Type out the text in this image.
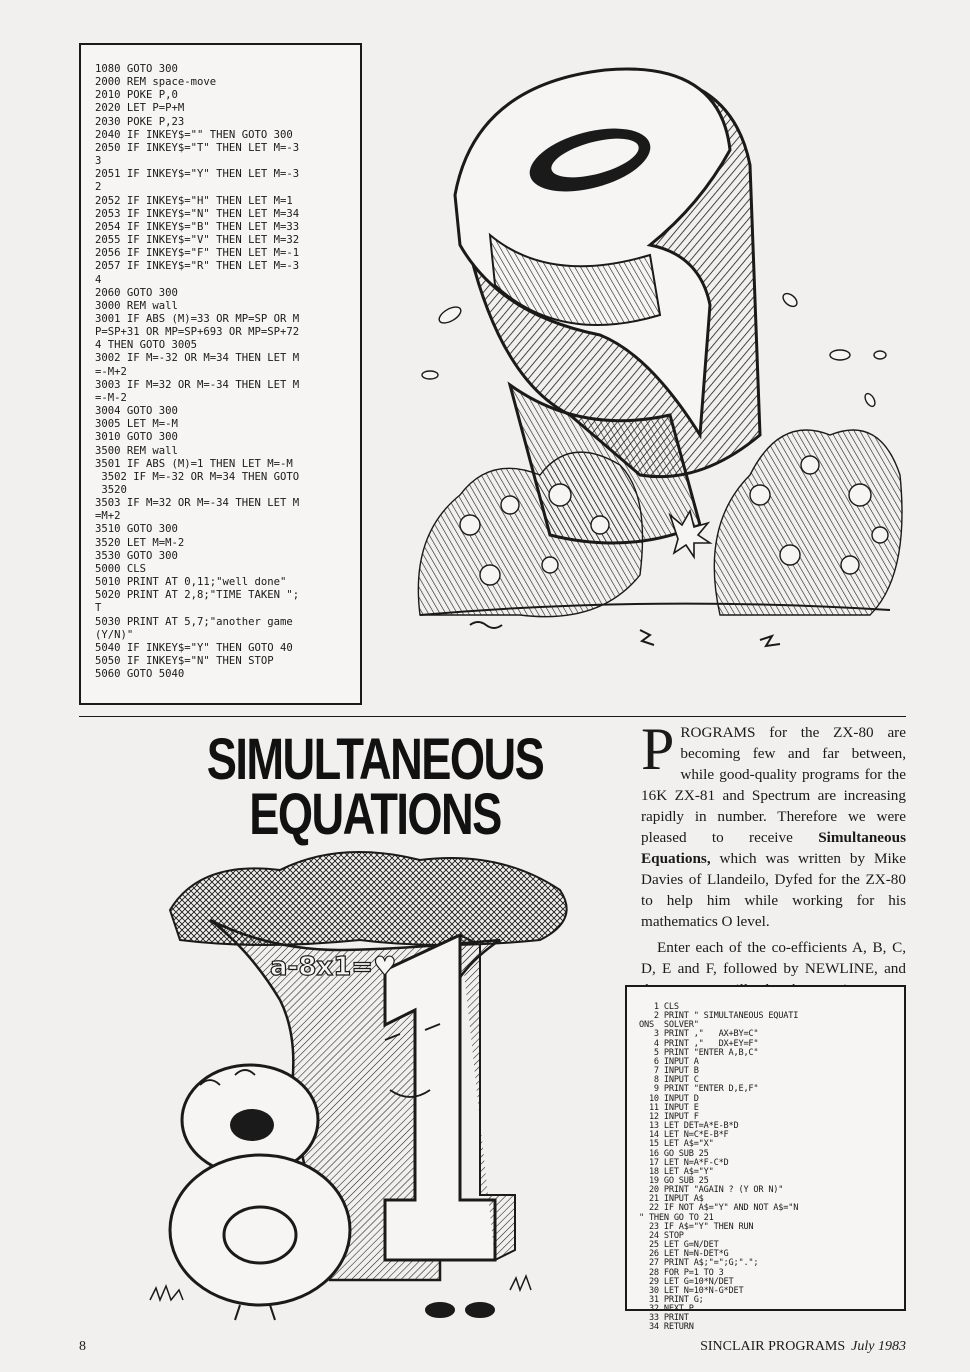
1080 GOTO 300
2000 REM space-move
2010 POKE P,0
2020 LET P=P+M
2030 POKE P,23
2040 IF INKEY$="" THEN GOTO 300
2050 IF INKEY$="T" THEN LET M=-3
3
2051 IF INKEY$="Y" THEN LET M=-3
2
2052 IF INKEY$="H" THEN LET M=1
2053 IF INKEY$="N" THEN LET M=34
2054 IF INKEY$="B" THEN LET M=33
2055 IF INKEY$="V" THEN LET M=32
2056 IF INKEY$="F" THEN LET M=-1
2057 IF INKEY$="R" THEN LET M=-3
4
2060 GOTO 300
3000 REM wall
3001 IF ABS (M)=33 OR MP=SP OR M
P=SP+31 OR MP=SP+693 OR MP=SP+72
4 THEN GOTO 3005
3002 IF M=-32 OR M=34 THEN LET M
=-M+2
3003 IF M=32 OR M=-34 THEN LET M
=-M-2
3004 GOTO 300
3005 LET M=-M
3010 GOTO 300
3500 REM wall
3501 IF ABS (M)=1 THEN LET M=-M
3502 IF M=-32 OR M=34 THEN GOTO
3520
3503 IF M=32 OR M=-34 THEN LET M
=M+2
3510 GOTO 300
3520 LET M=M-2
3530 GOTO 300
5000 CLS
5010 PRINT AT 0,11;"well done"
5020 PRINT AT 2,8;"TIME TAKEN ";
T
5030 PRINT AT 5,7;"another game
(Y/N)"
5040 IF INKEY$="Y" THEN GOTO 40
5050 IF INKEY$="N" THEN STOP
5060 GOTO 5040
SIMULTANEOUS
EQUATIONS
a-8x1=♥

PROGRAMS for the ZX-80 are becoming few and far between, while good-quality programs for the 16K ZX-81 and Spectrum are increasing rapidly in number. Therefore we were pleased to receive Simultaneous Equations, which was written by Mike Davies of Llandeilo, Dyfed for the ZX-80 to help him while working for his mathematics O level.

Enter each of the co-efficients A, B, C, D, E and F, followed by NEWLINE, and

1 CLS
2 PRINT " SIMULTANEOUS EQUATI
ONS  SOLVER"
3 PRINT ,"   AX+BY=C"
4 PRINT ,"   DX+EY=F"
5 PRINT "ENTER A,B,C"
6 INPUT A
7 INPUT B
8 INPUT C
9 PRINT "ENTER D,E,F"
10 INPUT D
11 INPUT E
12 INPUT F
13 LET DET=A*E-B*D
14 LET N=C*E-B*F
15 LET A$="X"
16 GO SUB 25
17 LET N=A*F-C*D
18 LET A$="Y"
19 GO SUB 25
20 PRINT "AGAIN ? (Y OR N)"
21 INPUT A$
22 IF NOT A$="Y" AND NOT A$="N
" THEN GO TO 21
23 IF A$="Y" THEN RUN
24 STOP
25 LET G=N/DET
26 LET N=N-DET*G
27 PRINT A$;"=";G;".";
28 FOR P=1 TO 3
29 LET G=10*N/DET
30 LET N=10*N-G*DET
31 PRINT G;
32 NEXT P
33 PRINT
34 RETURN
8	SINCLAIR PROGRAMS July 1983
